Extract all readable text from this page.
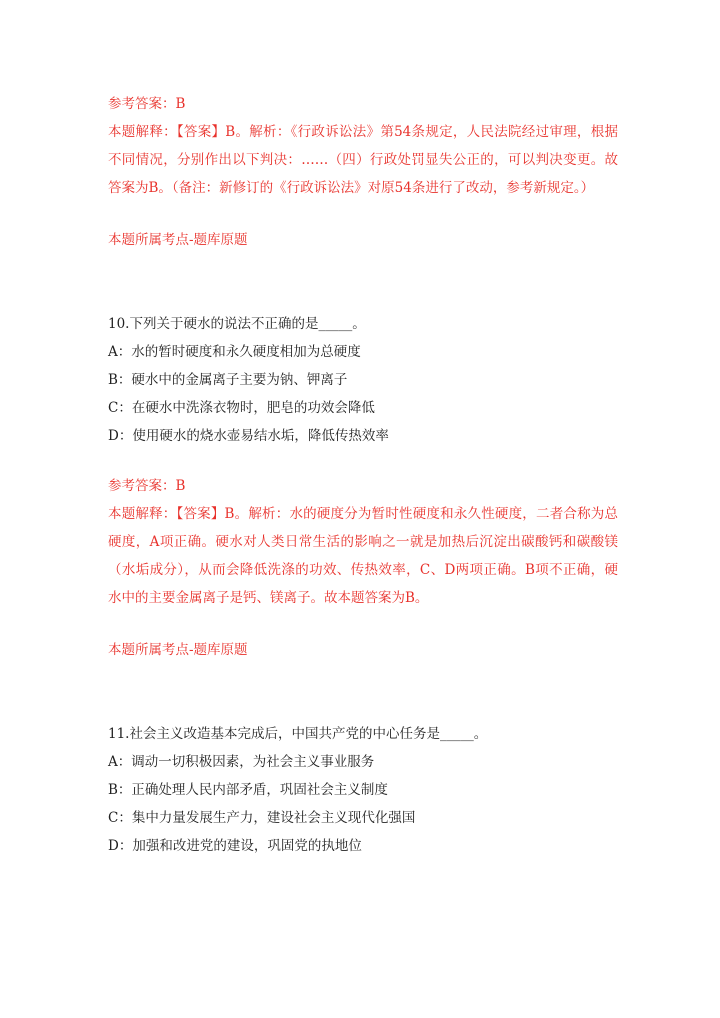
参考答案：B

本题解释：【答案】B。解析：《行政诉讼法》第54条规定，人民法院经过审理，根据不同情况，分别作出以下判决：……（四）行政处罚显失公正的，可以判决变更。故答案为B。（备注：新修订的《行政诉讼法》对原54条进行了改动，参考新规定。）

本题所属考点-题库原题

10.下列关于硬水的说法不正确的是_____。

A：水的暂时硬度和永久硬度相加为总硬度

B：硬水中的金属离子主要为钠、钾离子

C：在硬水中洗涤衣物时，肥皂的功效会降低

D：使用硬水的烧水壶易结水垢，降低传热效率

参考答案：B

本题解释：【答案】B。解析：水的硬度分为暂时性硬度和永久性硬度，二者合称为总硬度，A项正确。硬水对人类日常生活的影响之一就是加热后沉淀出碳酸钙和碳酸镁（水垢成分），从而会降低洗涤的功效、传热效率，C、D两项正确。B项不正确，硬水中的主要金属离子是钙、镁离子。故本题答案为B。

本题所属考点-题库原题

11.社会主义改造基本完成后，中国共产党的中心任务是_____。

A：调动一切积极因素，为社会主义事业服务

B：正确处理人民内部矛盾，巩固社会主义制度

C：集中力量发展生产力，建设社会主义现代化强国

D：加强和改进党的建设，巩固党的执地位
